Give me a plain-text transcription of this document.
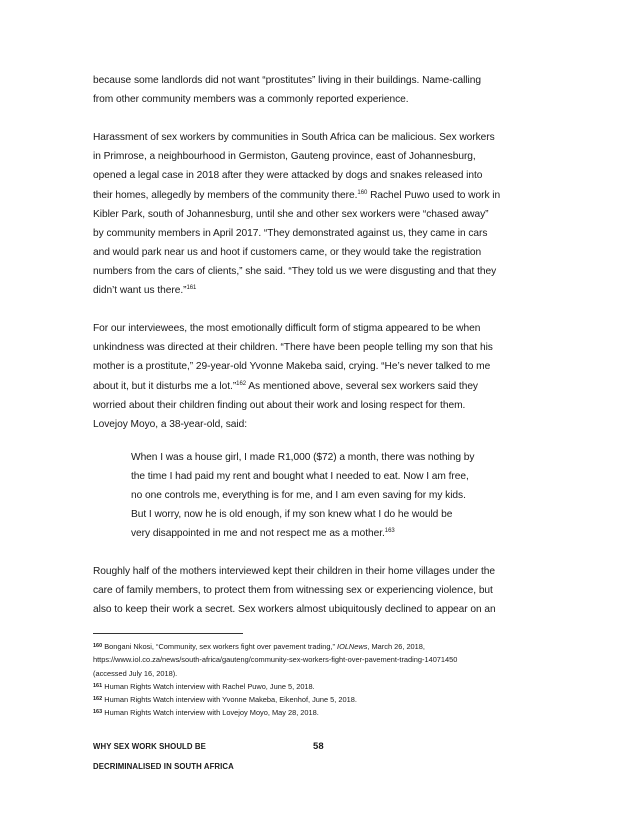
because some landlords did not want “prostitutes” living in their buildings. Name-calling
from other community members was a commonly reported experience.

Harassment of sex workers by communities in South Africa can be malicious. Sex workers
in Primrose, a neighbourhood in Germiston, Gauteng province, east of Johannesburg,
opened a legal case in 2018 after they were attacked by dogs and snakes released into
their homes, allegedly by members of the community there.$^{160}$ Rachel Puwo used to work in
Kibler Park, south of Johannesburg, until she and other sex workers were “chased away”
by community members in April 2017. “They demonstrated against us, they came in cars
and would park near us and hoot if customers came, or they would take the registration
numbers from the cars of clients,” she said. “They told us we were disgusting and that they
didn’t want us there.”$^{161}$

For our interviewees, the most emotionally difficult form of stigma appeared to be when
unkindness was directed at their children. “There have been people telling my son that his
mother is a prostitute,” 29-year-old Yvonne Makeba said, crying. “He’s never talked to me
about it, but it disturbs me a lot.”$^{162}$ As mentioned above, several sex workers said they
worried about their children finding out about their work and losing respect for them.
Lovejoy Moyo, a 38-year-old, said:

When I was a house girl, I made R1,000 ($72) a month, there was nothing by
the time I had paid my rent and bought what I needed to eat. Now I am free,
no one controls me, everything is for me, and I am even saving for my kids.
But I worry, now he is old enough, if my son knew what I do he would be
very disappointed in me and not respect me as a mother.$^{163}$

Roughly half of the mothers interviewed kept their children in their home villages under the
care of family members, to protect them from witnessing sex or experiencing violence, but
also to keep their work a secret. Sex workers almost ubiquitously declined to appear on an

$^{160}$ Bongani Nkosi, “Community, sex workers fight over pavement trading,” IOLNews, March 26, 2018,
https://www.iol.co.za/news/south-africa/gauteng/community-sex-workers-fight-over-pavement-trading-14071450
(accessed July 16, 2018).
$^{161}$ Human Rights Watch interview with Rachel Puwo, June 5, 2018.
$^{162}$ Human Rights Watch interview with Yvonne Makeba, Eikenhof, June 5, 2018.
$^{163}$ Human Rights Watch interview with Lovejoy Moyo, May 28, 2018.
WHY SEX WORK SHOULD BE
DECRIMINALISED IN SOUTH AFRICA
58
